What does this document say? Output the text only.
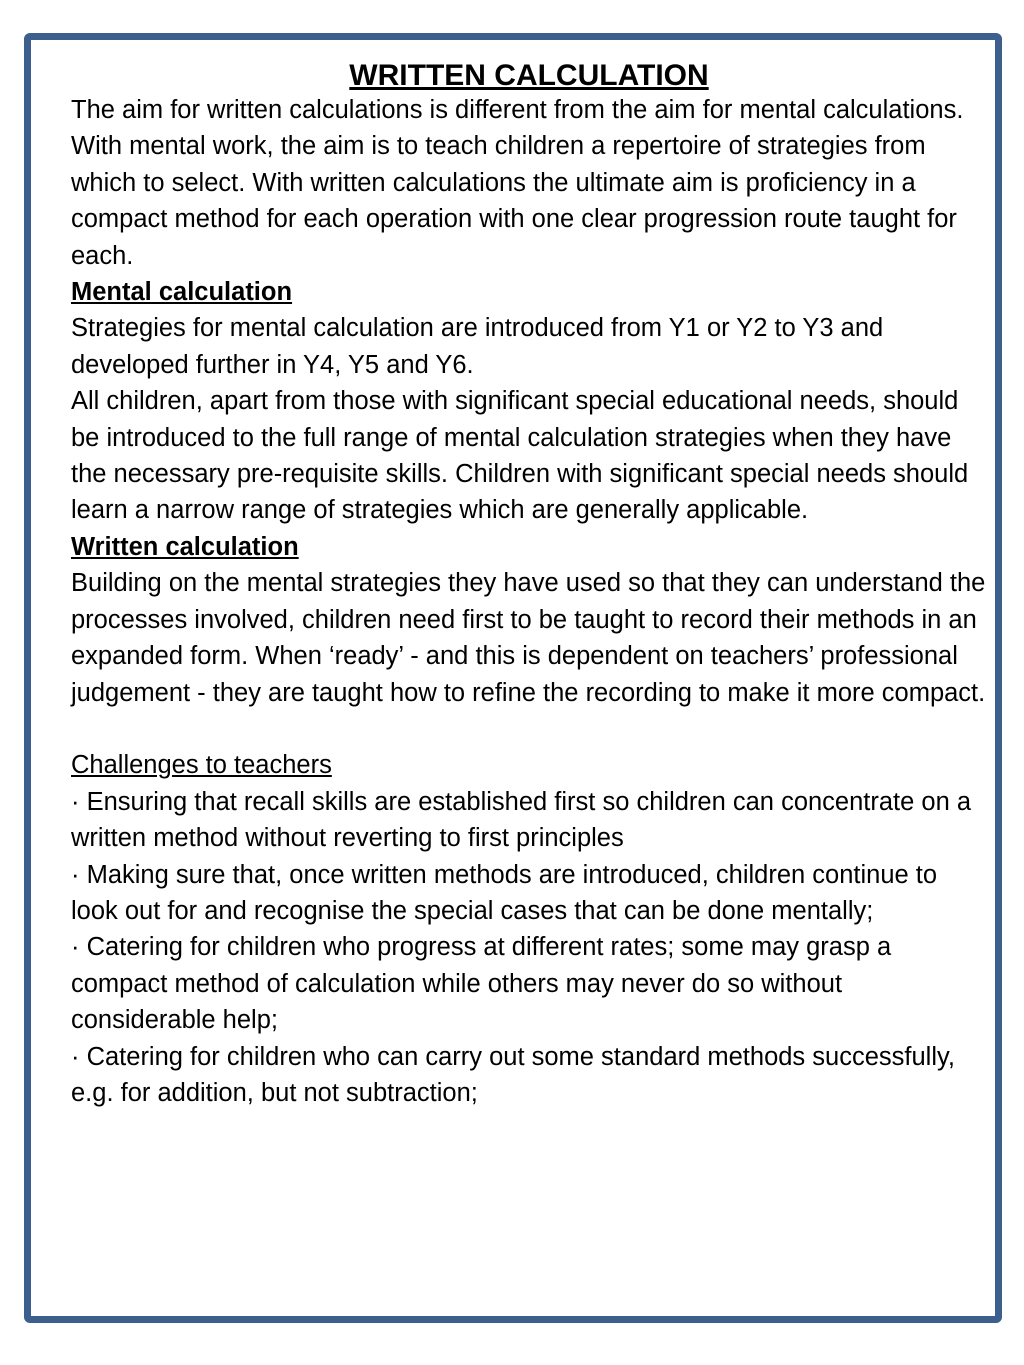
WRITTEN CALCULATION

The aim for written calculations is different from the aim for mental calculations. With mental work, the aim is to teach children a repertoire of strategies from which to select. With written calculations the ultimate aim is proficiency in a compact method for each operation with one clear progression route taught for each.

Mental calculation

Strategies for mental calculation are introduced from Y1 or Y2 to Y3 and developed further in Y4, Y5 and Y6.

All children, apart from those with significant special educational needs, should be introduced to the full range of mental calculation strategies when they have the necessary pre-requisite skills. Children with significant special needs should learn a narrow range of strategies which are generally applicable.

Written calculation

Building on the mental strategies they have used so that they can understand the processes involved, children need first to be taught to record their methods in an expanded form. When ‘ready’ - and this is dependent on teachers’ professional judgement - they are taught how to refine the recording to make it more compact.

Challenges to teachers

· Ensuring that recall skills are established first so children can concentrate on a written method without reverting to first principles

· Making sure that, once written methods are introduced, children continue to look out for and recognise the special cases that can be done mentally;

· Catering for children who progress at different rates; some may grasp a compact method of calculation while others may never do so without considerable help;

· Catering for children who can carry out some standard methods successfully, e.g. for addition, but not subtraction;
